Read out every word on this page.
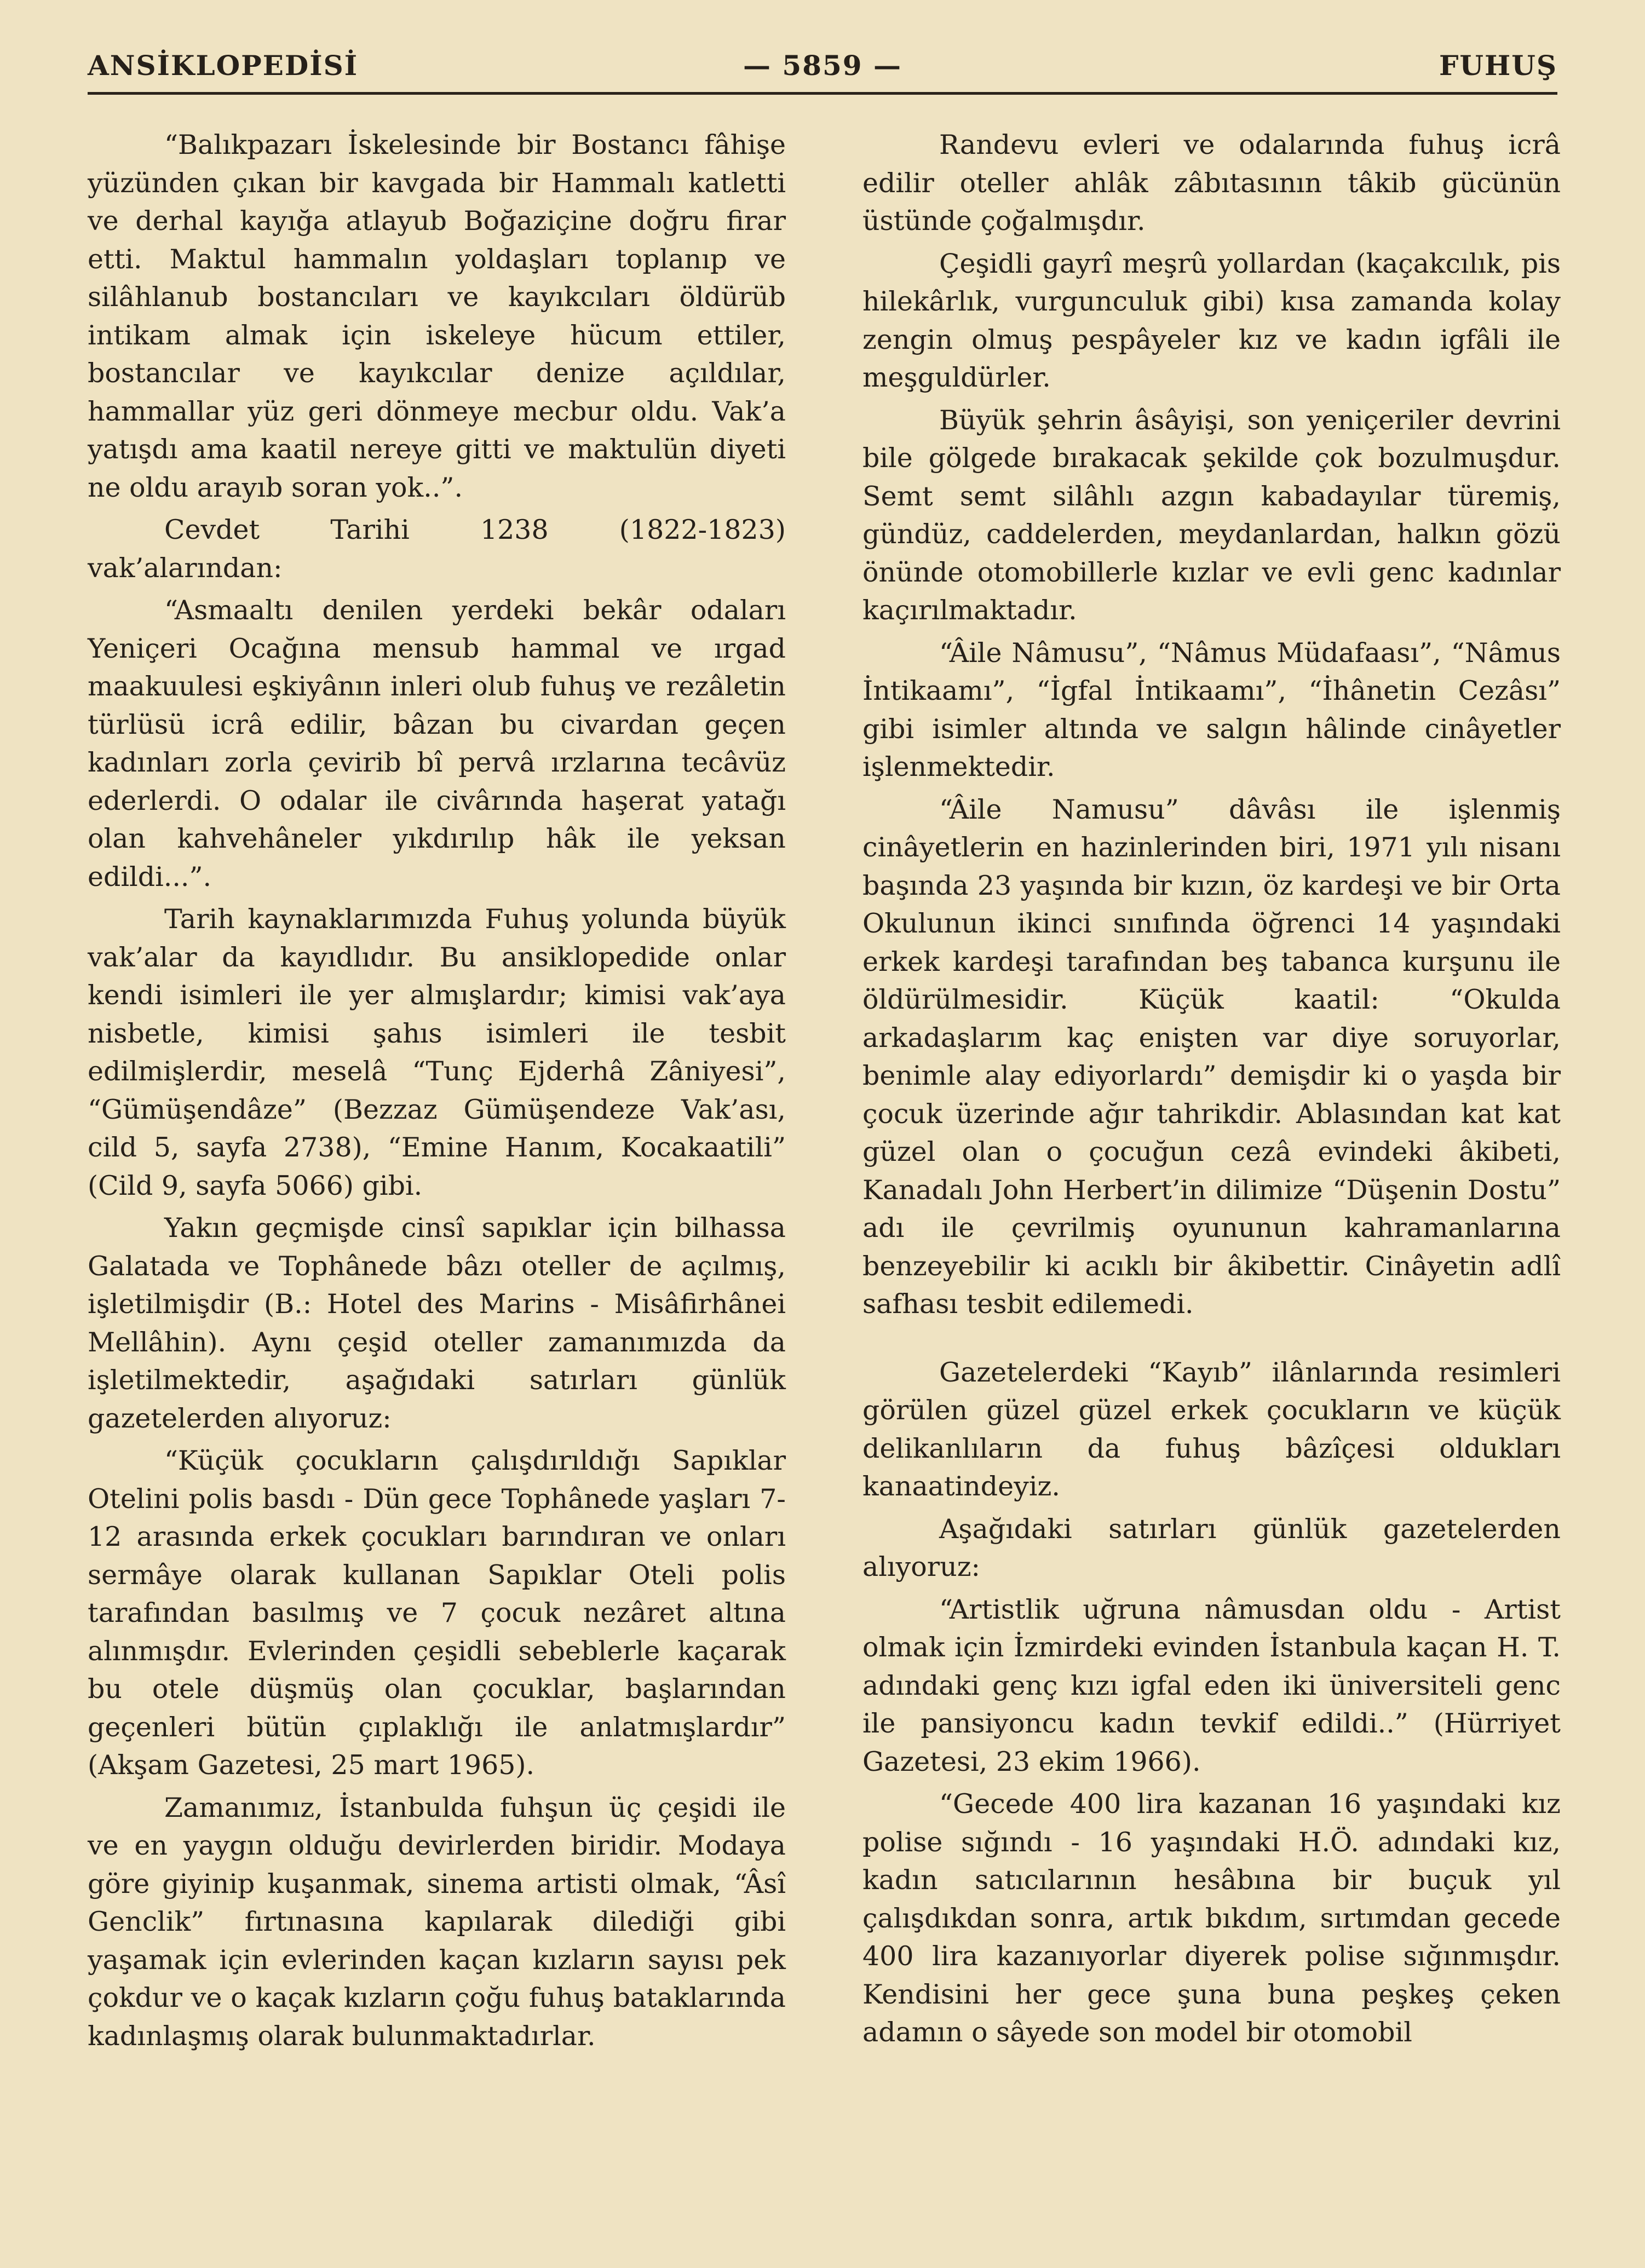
ANSİKLOPEDİSİ	— 5859 —	FUHUŞ

“Balıkpazarı İskelesinde bir Bostancı fâhişe yüzünden çıkan bir kavgada bir Hammalı katletti ve derhal kayığa atlayub Boğaziçine doğru firar etti. Maktul hammalın yoldaşları toplanıp ve silâhlanub bostancıları ve kayıkcıları öldürüb intikam almak için iskeleye hücum ettiler, bostancılar ve kayıkcılar denize açıldılar, hammallar yüz geri dönmeye mecbur oldu. Vak’a yatışdı ama kaatil nereye gitti ve maktulün diyeti ne oldu arayıb soran yok..”.

Cevdet Tarihi 1238 (1822-1823) vak’alarından:

“Asmaaltı denilen yerdeki bekâr odaları Yeniçeri Ocağına mensub hammal ve ırgad maakuulesi eşkiyânın inleri olub fuhuş ve rezâletin türlüsü icrâ edilir, bâzan bu civardan geçen kadınları zorla çevirib bî pervâ ırzlarına tecâvüz ederlerdi. O odalar ile civârında haşerat yatağı olan kahvehâneler yıkdırılıp hâk ile yeksan edildi...”.

Tarih kaynaklarımızda Fuhuş yolunda büyük vak’alar da kayıdlıdır. Bu ansiklopedide onlar kendi isimleri ile yer almışlardır; kimisi vak’aya nisbetle, kimisi şahıs isimleri ile tesbit edilmişlerdir, meselâ “Tunç Ejderhâ Zâniyesi”, “Gümüşendâze” (Bezzaz Gümüşendeze Vak’ası, cild 5, sayfa 2738), “Emine Hanım, Kocakaatili” (Cild 9, sayfa 5066) gibi.

Yakın geçmişde cinsî sapıklar için bilhassa Galatada ve Tophânede bâzı oteller de açılmış, işletilmişdir (B.: Hotel des Marins - Misâfirhânei Mellâhin). Aynı çeşid oteller zamanımızda da işletilmektedir, aşağıdaki satırları günlük gazetelerden alıyoruz:

“Küçük çocukların çalışdırıldığı Sapıklar Otelini polis basdı - Dün gece Tophânede yaşları 7-12 arasında erkek çocukları barındıran ve onları sermâye olarak kullanan Sapıklar Oteli polis tarafından basılmış ve 7 çocuk nezâret altına alınmışdır. Evlerinden çeşidli sebeblerle kaçarak bu otele düşmüş olan çocuklar, başlarından geçenleri bütün çıplaklığı ile anlatmışlardır” (Akşam Gazetesi, 25 mart 1965).

Zamanımız, İstanbulda fuhşun üç çeşidi ile ve en yaygın olduğu devirlerden biridir. Modaya göre giyinip kuşanmak, sinema artisti olmak, “Âsî Genclik” fırtınasına kapılarak dilediği gibi yaşamak için evlerinden kaçan kızların sayısı pek çokdur ve o kaçak kızların çoğu fuhuş bataklarında kadınlaşmış olarak bulunmaktadırlar.

Randevu evleri ve odalarında fuhuş icrâ edilir oteller ahlâk zâbıtasının tâkib gücünün üstünde çoğalmışdır.

Çeşidli gayrî meşrû yollardan (kaçakcılık, pis hilekârlık, vurgunculuk gibi) kısa zamanda kolay zengin olmuş pespâyeler kız ve kadın igfâli ile meşguldürler.

Büyük şehrin âsâyişi, son yeniçeriler devrini bile gölgede bırakacak şekilde çok bozulmuşdur. Semt semt silâhlı azgın kabadayılar türemiş, gündüz, caddelerden, meydanlardan, halkın gözü önünde otomobillerle kızlar ve evli genc kadınlar kaçırılmaktadır.

“Âile Nâmusu”, “Nâmus Müdafaası”, “Nâmus İntikaamı”, “İgfal İntikaamı”, “İhânetin Cezâsı” gibi isimler altında ve salgın hâlinde cinâyetler işlenmektedir.

“Âile Namusu” dâvâsı ile işlenmiş cinâyetlerin en hazinlerinden biri, 1971 yılı nisanı başında 23 yaşında bir kızın, öz kardeşi ve bir Orta Okulunun ikinci sınıfında öğrenci 14 yaşındaki erkek kardeşi tarafından beş tabanca kurşunu ile öldürülmesidir. Küçük kaatil: “Okulda arkadaşlarım kaç enişten var diye soruyorlar, benimle alay ediyorlardı” demişdir ki o yaşda bir çocuk üzerinde ağır tahrikdir. Ablasından kat kat güzel olan o çocuğun cezâ evindeki âkibeti, Kanadalı John Herbert’in dilimize “Düşenin Dostu” adı ile çevrilmiş oyununun kahramanlarına benzeyebilir ki acıklı bir âkibettir. Cinâyetin adlî safhası tesbit edilemedi.

Gazetelerdeki “Kayıb” ilânlarında resimleri görülen güzel güzel erkek çocukların ve küçük delikanlıların da fuhuş bâzîçesi oldukları kanaatindeyiz.

Aşağıdaki satırları günlük gazetelerden alıyoruz:

“Artistlik uğruna nâmusdan oldu - Artist olmak için İzmirdeki evinden İstanbula kaçan H. T. adındaki genç kızı igfal eden iki üniversiteli genc ile pansiyoncu kadın tevkif edildi..” (Hürriyet Gazetesi, 23 ekim 1966).

“Gecede 400 lira kazanan 16 yaşındaki kız polise sığındı - 16 yaşındaki H.Ö. adındaki kız, kadın satıcılarının hesâbına bir buçuk yıl çalışdıkdan sonra, artık bıkdım, sırtımdan gecede 400 lira kazanıyorlar diyerek polise sığınmışdır. Kendisini her gece şuna buna peşkeş çeken adamın o sâyede son model bir otomobil
